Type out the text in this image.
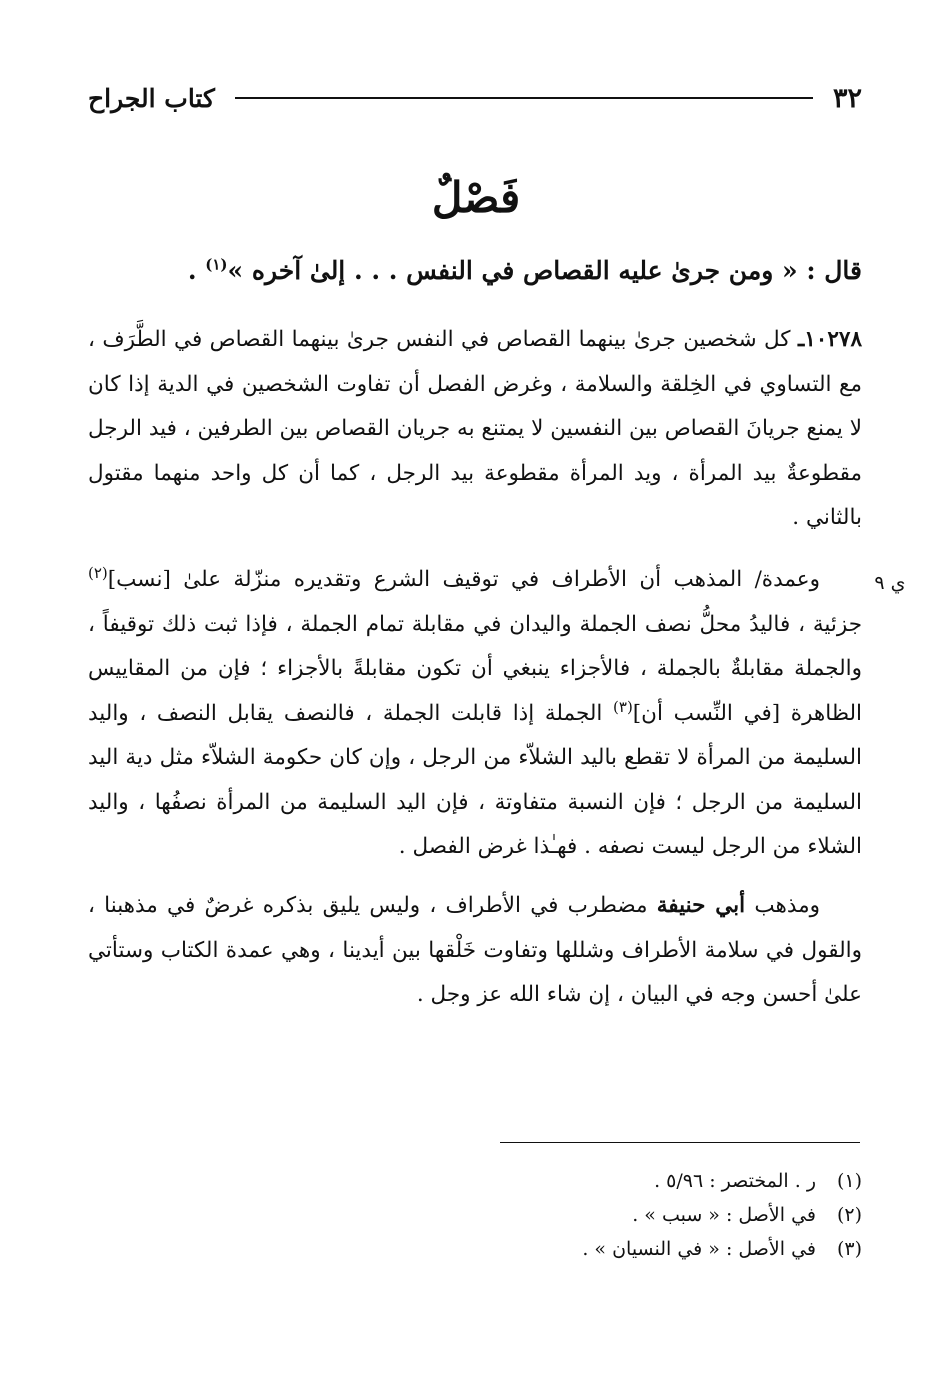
٣٢
كتاب الجراح
فَصْلٌ
قال : « ومن جرىٰ عليه القصاص في النفس . . . إلىٰ آخره »$^{(١)}$ .
١٠٢٧٨ـ كل شخصين جرىٰ بينهما القصاص في النفس جرىٰ بينهما القصاص في الطَّرَف ، مع التساوي في الخِلقة والسلامة ، وغرض الفصل أن تفاوت الشخصين في الدية إذا كان لا يمنع جريانَ القصاص بين النفسين لا يمتنع به جريان القصاص بين الطرفين ، فيد الرجل مقطوعةٌ بيد المرأة ، ويد المرأة مقطوعة بيد الرجل ، كما أن كل واحد منهما مقتول بالثاني .
ي ٩
وعمدة/ المذهب أن الأطراف في توقيف الشرع وتقديره منزّلة علىٰ [نسب]$^{(٢)}$ جزئية ، فاليدُ محلُّ نصف الجملة واليدان في مقابلة تمام الجملة ، فإذا ثبت ذلك توقيفاً ، والجملة مقابلةٌ بالجملة ، فالأجزاء ينبغي أن تكون مقابلةً بالأجزاء ؛ فإن من المقاييس الظاهرة [في النِّسب أن]$^{(٣)}$ الجملة إذا قابلت الجملة ، فالنصف يقابل النصف ، واليد السليمة من المرأة لا تقطع باليد الشلاّء من الرجل ، وإن كان حكومة الشلاّء مثل دية اليد السليمة من الرجل ؛ فإن النسبة متفاوتة ، فإن اليد السليمة من المرأة نصفُها ، واليد الشلاء من الرجل ليست نصفه . فهـٰذا غرض الفصل .
ومذهب أبي حنيفة مضطرب في الأطراف ، وليس يليق بذكره غرضٌ في مذهبنا ، والقول في سلامة الأطراف وشللها وتفاوت خَلْقها بين أيدينا ، وهي عمدة الكتاب وستأتي علىٰ أحسن وجه في البيان ، إن شاء الله عز وجل .
(١)ر . المختصر : ٥/٩٦ .
(٢)في الأصل : « سبب » .
(٣)في الأصل : « في النسيان » .
